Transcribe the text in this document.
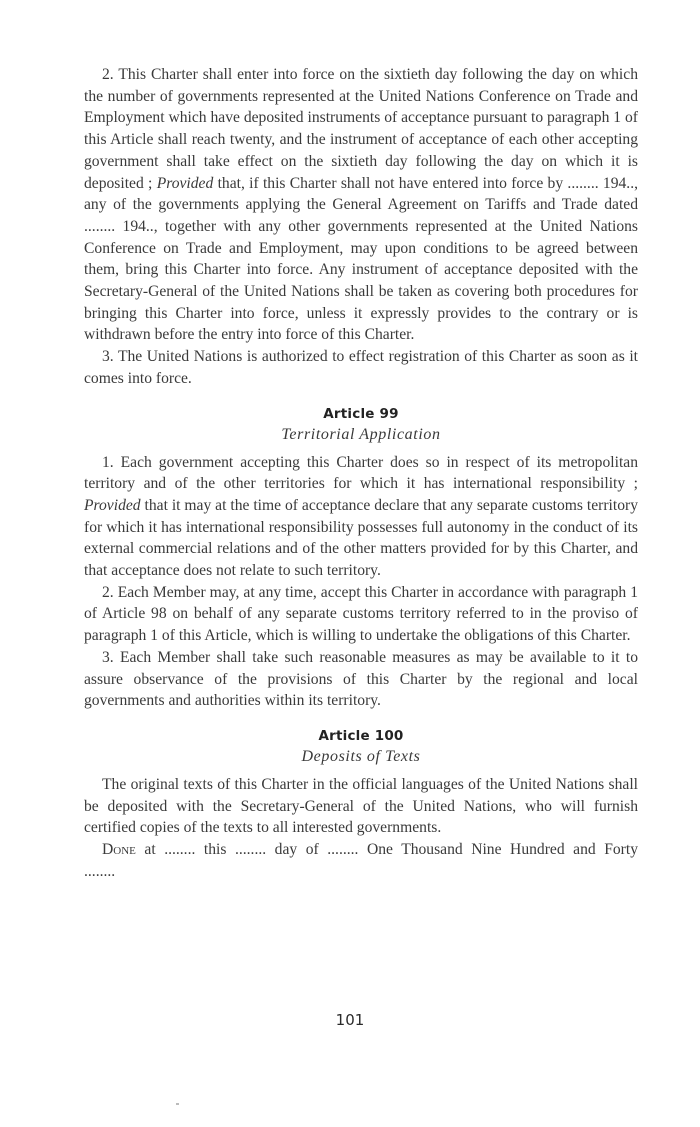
2. This Charter shall enter into force on the sixtieth day following the day on which the number of governments represented at the United Nations Conference on Trade and Employment which have deposited instruments of acceptance pursuant to paragraph 1 of this Article shall reach twenty, and the instrument of acceptance of each other accepting government shall take effect on the sixtieth day following the day on which it is deposited ; Provided that, if this Charter shall not have entered into force by ........ 194.., any of the governments applying the General Agreement on Tariffs and Trade dated ........ 194.., together with any other governments represented at the United Nations Conference on Trade and Employment, may upon conditions to be agreed between them, bring this Charter into force. Any instrument of acceptance deposited with the Secretary-General of the United Nations shall be taken as covering both procedures for bringing this Charter into force, unless it expressly provides to the contrary or is withdrawn before the entry into force of this Charter.

3. The United Nations is authorized to effect registration of this Charter as soon as it comes into force.

Article 99
Territorial Application

1. Each government accepting this Charter does so in respect of its metropolitan territory and of the other territories for which it has international responsibility ; Provided that it may at the time of acceptance declare that any separate customs territory for which it has international responsibility possesses full autonomy in the conduct of its external commercial relations and of the other matters provided for by this Charter, and that acceptance does not relate to such territory.

2. Each Member may, at any time, accept this Charter in accordance with paragraph 1 of Article 98 on behalf of any separate customs territory referred to in the proviso of paragraph 1 of this Article, which is willing to undertake the obligations of this Charter.

3. Each Member shall take such reasonable measures as may be available to it to assure observance of the provisions of this Charter by the regional and local governments and authorities within its territory.

Article 100
Deposits of Texts

The original texts of this Charter in the official languages of the United Nations shall be deposited with the Secretary-General of the United Nations, who will furnish certified copies of the texts to all interested governments.

Done at ........ this ........ day of ........ One Thousand Nine Hundred and Forty ........

101
